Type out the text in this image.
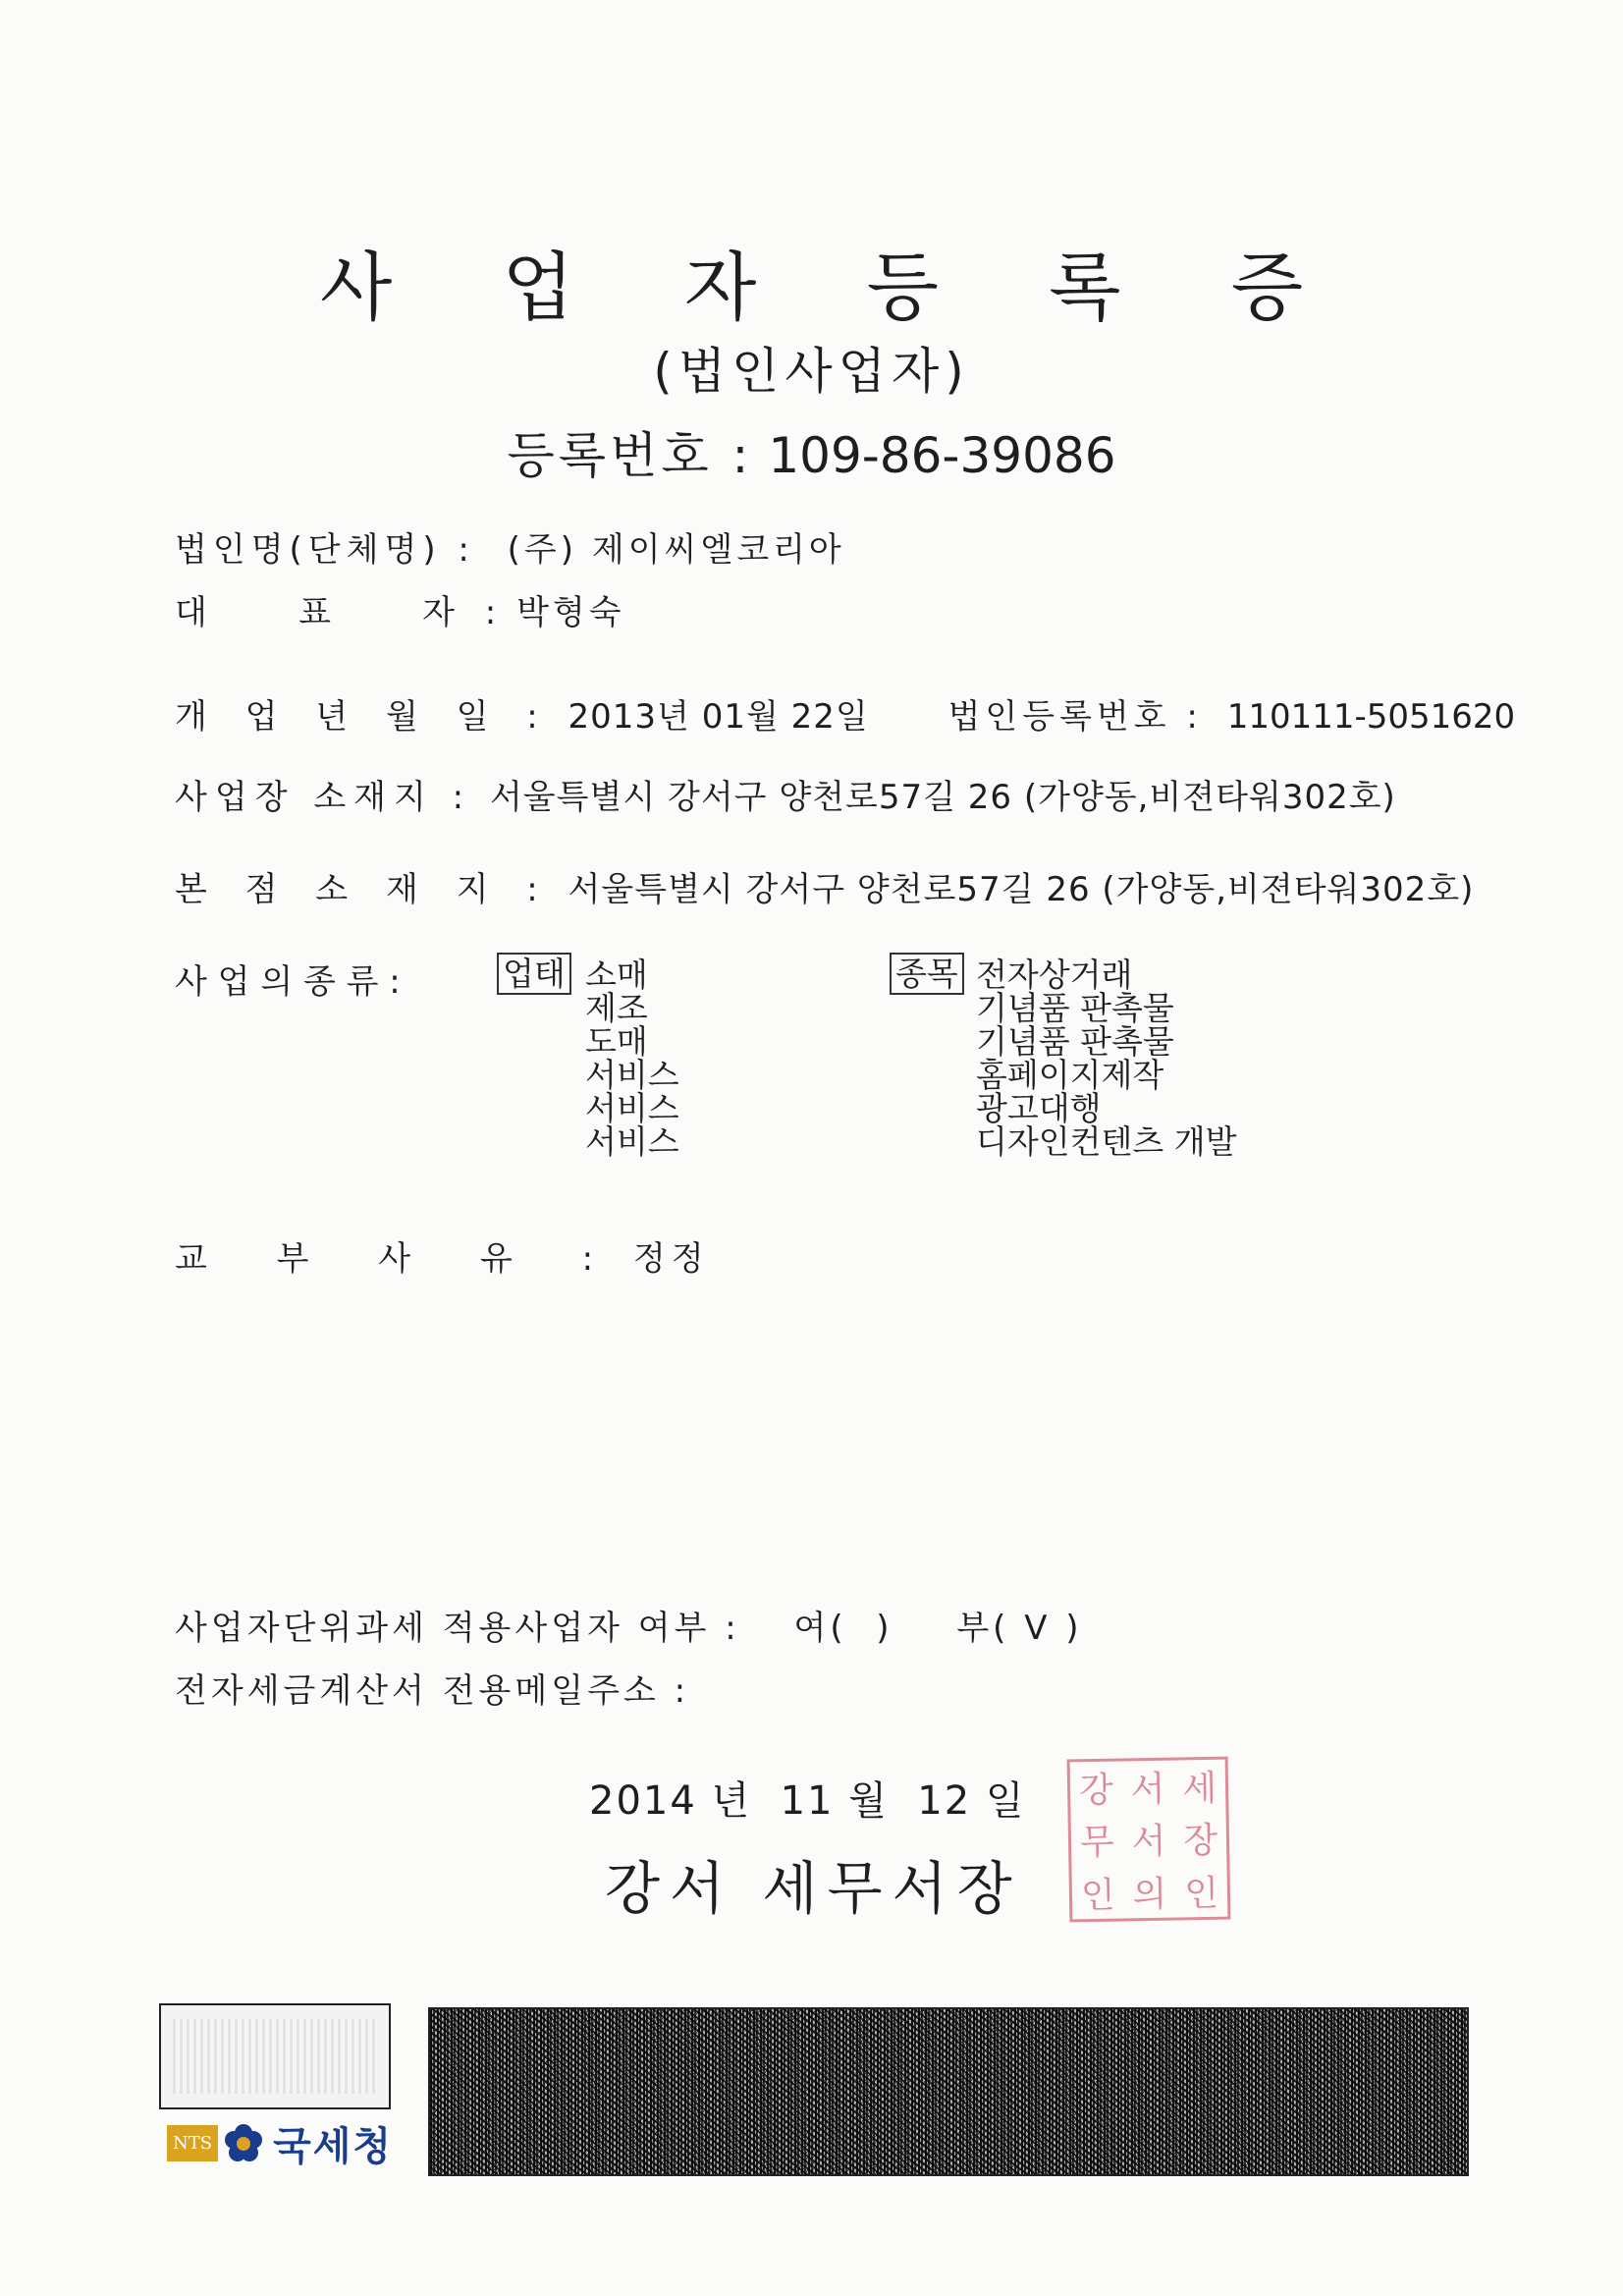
사 업 자 등 록 증
(법인사업자)
등록번호 : 109-86-39086
법인명(단체명) : (주) 제이씨엘코리아
대    표    자 : 박형숙
개 업 년 월 일 : 2013년 01월 22일 법인등록번호 : 110111-5051620
사업장 소재지 : 서울특별시 강서구 양천로57길 26 (가양동,비젼타워302호)
본 점 소 재 지 : 서울특별시 강서구 양천로57길 26 (가양동,비젼타워302호)
사 업 의 종 류 :	업태 소매
제조
도매
서비스
서비스
서비스
종목 전자상거래
기념품 판촉물
기념품 판촉물
홈페이지제작
광고대행
디자인컨텐츠 개발
교 부 사 유 : 정정
사업자단위과세 적용사업자 여부 : 여(  ) 부( V )
전자세금계산서 전용메일주소 :
2014 년  11 월  12 일
강서 세무서장
강 서 세
무 서 장
인 의 인
NTS 국세청
